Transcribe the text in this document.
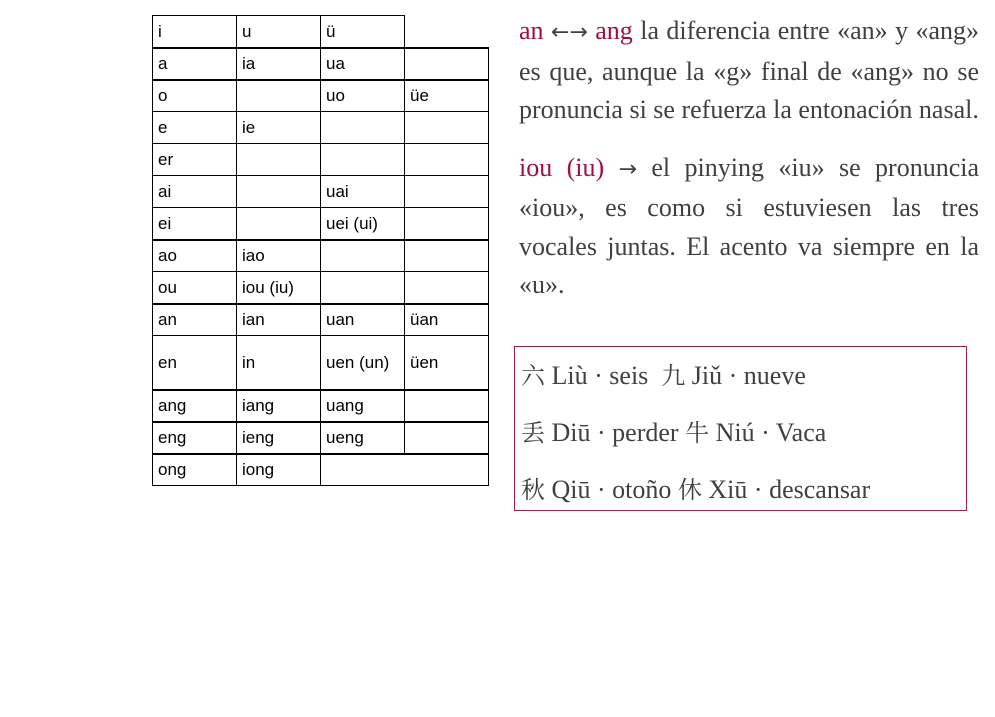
i	u	ü	
a	ia	ua	
o		uo	üe
e	ie		
er			
ai		uai	
ei		uei (ui)	
ao	iao		
ou	iou (iu)		
an	ian	uan	üan
en	in	uen (un)	üen
ang	iang	uang	
eng	ieng	ueng	
ong	iong		

an ←→ ang la diferencia entre «an» y «ang» es que, aunque la «g» final de «ang» no se pronuncia si se refuerza la entonación nasal.

iou (iu) → el pinying «iu» se pronuncia «iou», es como si estuviesen las tres vocales juntas. El acento va siempre en la «u».

六 Liù · seis 九 Jiǔ · nueve
丢 Diū · perder 牛 Niú · Vaca
秋 Qiū · otoño 休 Xiū · descansar
